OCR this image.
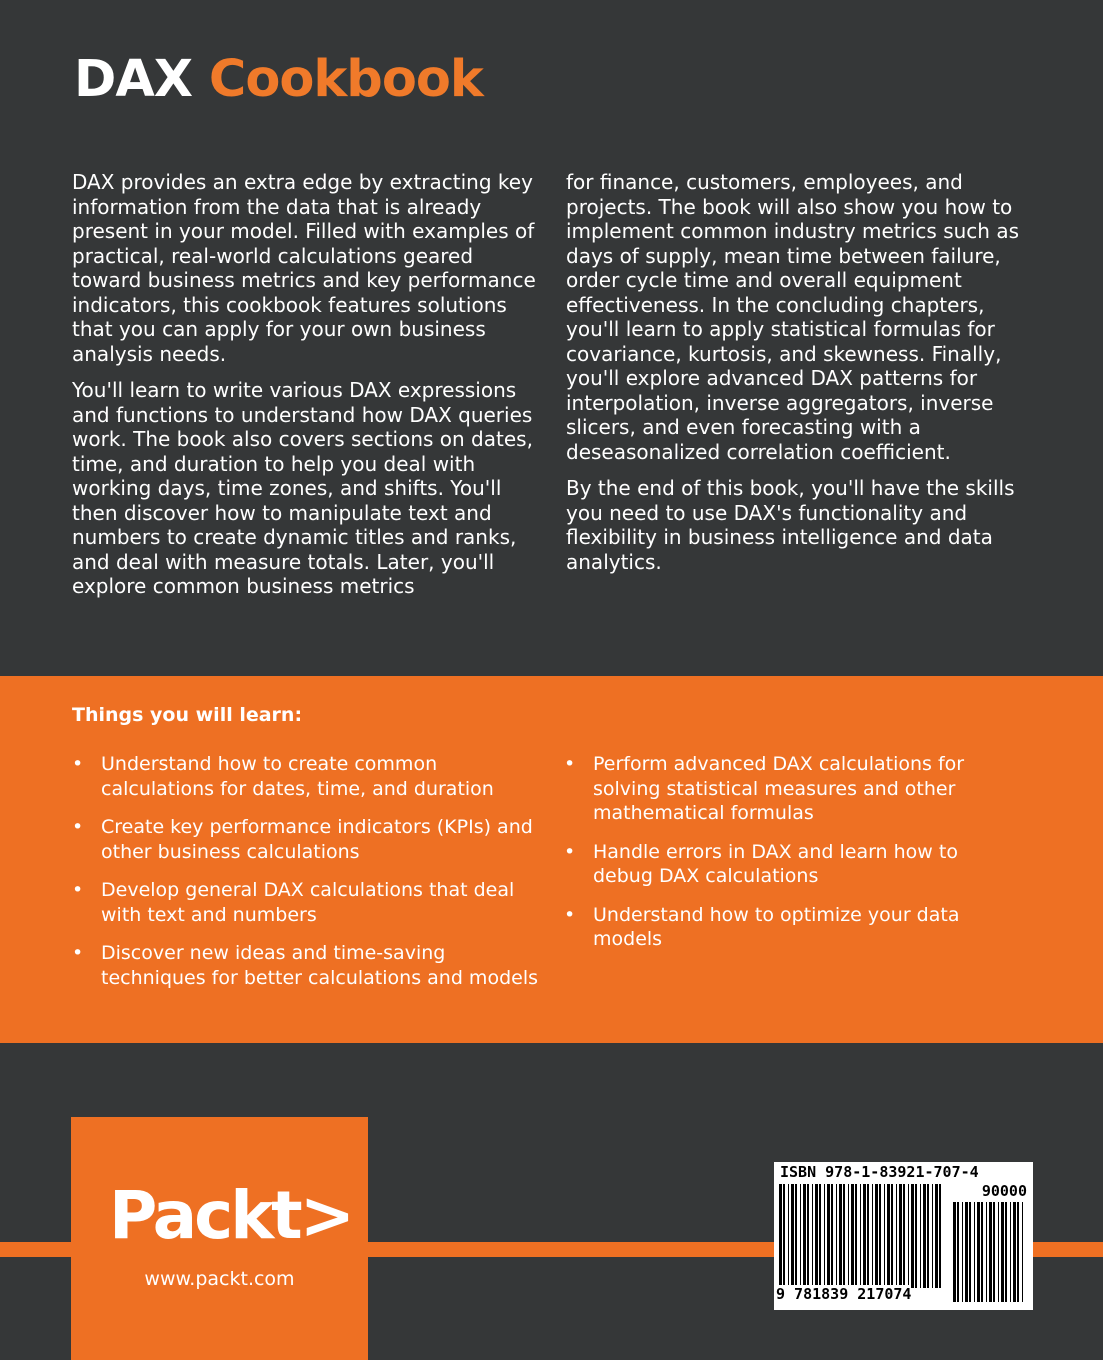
DAX Cookbook

DAX provides an extra edge by extracting key information from the data that is already present in your model. Filled with examples of practical, real-world calculations geared toward business metrics and key performance indicators, this cookbook features solutions that you can apply for your own business analysis needs.

You'll learn to write various DAX expressions and functions to understand how DAX queries work. The book also covers sections on dates, time, and duration to help you deal with working days, time zones, and shifts. You'll then discover how to manipulate text and numbers to create dynamic titles and ranks, and deal with measure totals. Later, you'll explore common business metrics

for finance, customers, employees, and projects. The book will also show you how to implement common industry metrics such as days of supply, mean time between failure, order cycle time and overall equipment effectiveness. In the concluding chapters, you'll learn to apply statistical formulas for covariance, kurtosis, and skewness. Finally, you'll explore advanced DAX patterns for interpolation, inverse aggregators, inverse slicers, and even forecasting with a deseasonalized correlation coefficient.

By the end of this book, you'll have the skills you need to use DAX's functionality and flexibility in business intelligence and data analytics.

Things you will learn:
• Understand how to create common calculations for dates, time, and duration
• Create key performance indicators (KPIs) and other business calculations
• Develop general DAX calculations that deal with text and numbers
• Discover new ideas and time-saving techniques for better calculations and models
• Perform advanced DAX calculations for solving statistical measures and other mathematical formulas
• Handle errors in DAX and learn how to debug DAX calculations
• Understand how to optimize your data models
Packt>
www.packt.com
ISBN 978-1-83921-707-4
90000
9 781839 217074
